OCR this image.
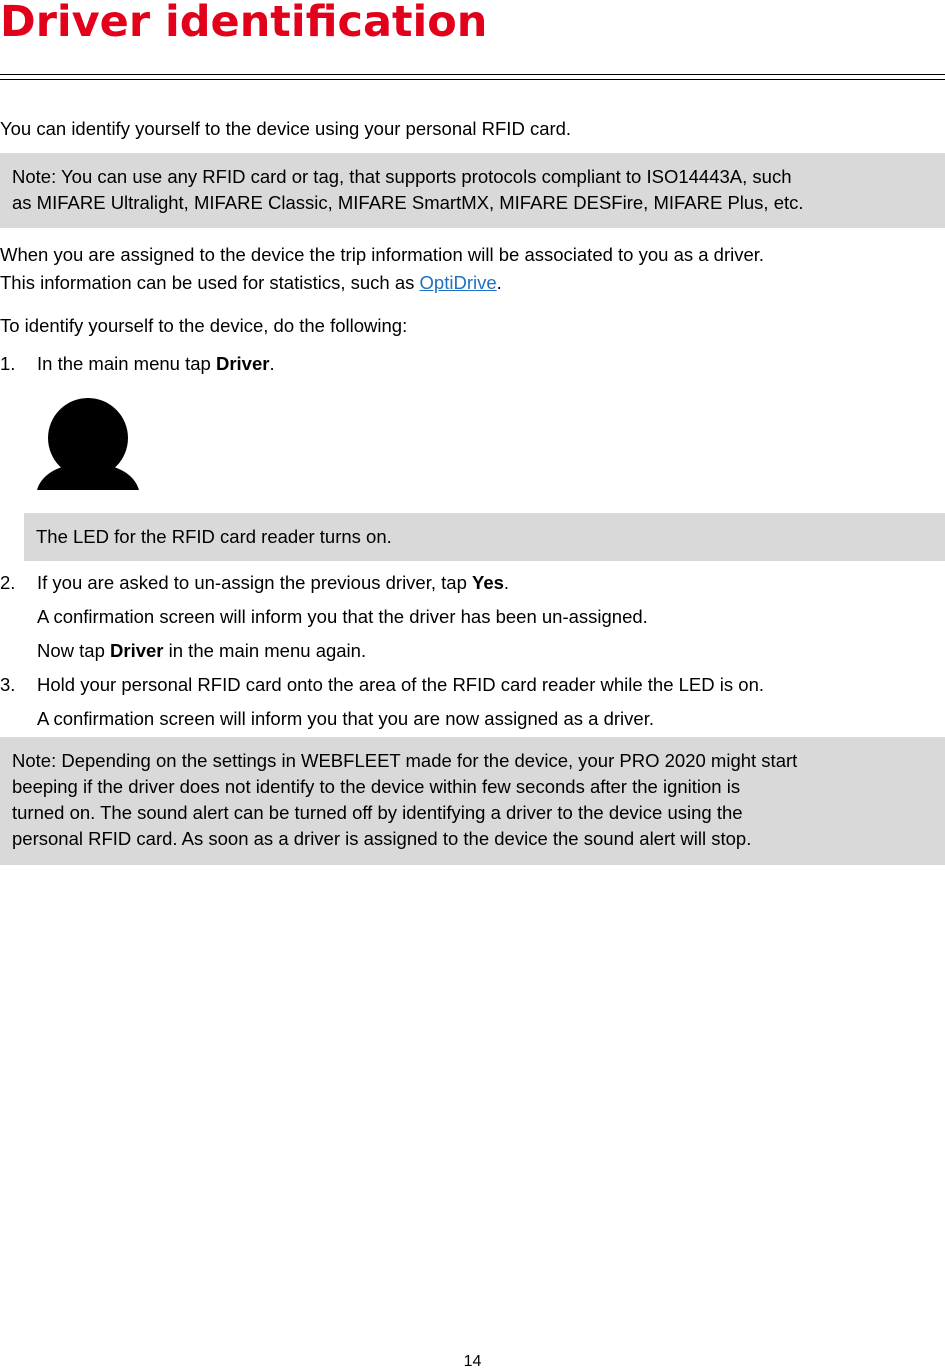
Driver identification
You can identify yourself to the device using your personal RFID card.
Note: You can use any RFID card or tag, that supports protocols compliant to ISO14443A, such
as MIFARE Ultralight, MIFARE Classic, MIFARE SmartMX, MIFARE DESFire, MIFARE Plus, etc.
When you are assigned to the device the trip information will be associated to you as a driver.
This information can be used for statistics, such as OptiDrive.
To identify yourself to the device, do the following:
1. In the main menu tap Driver.
The LED for the RFID card reader turns on.
2. If you are asked to un-assign the previous driver, tap Yes.
A confirmation screen will inform you that the driver has been un-assigned.
Now tap Driver in the main menu again.
3. Hold your personal RFID card onto the area of the RFID card reader while the LED is on.
A confirmation screen will inform you that you are now assigned as a driver.
Note: Depending on the settings in WEBFLEET made for the device, your PRO 2020 might start
beeping if the driver does not identify to the device within few seconds after the ignition is
turned on. The sound alert can be turned off by identifying a driver to the device using the
personal RFID card. As soon as a driver is assigned to the device the sound alert will stop.
14
